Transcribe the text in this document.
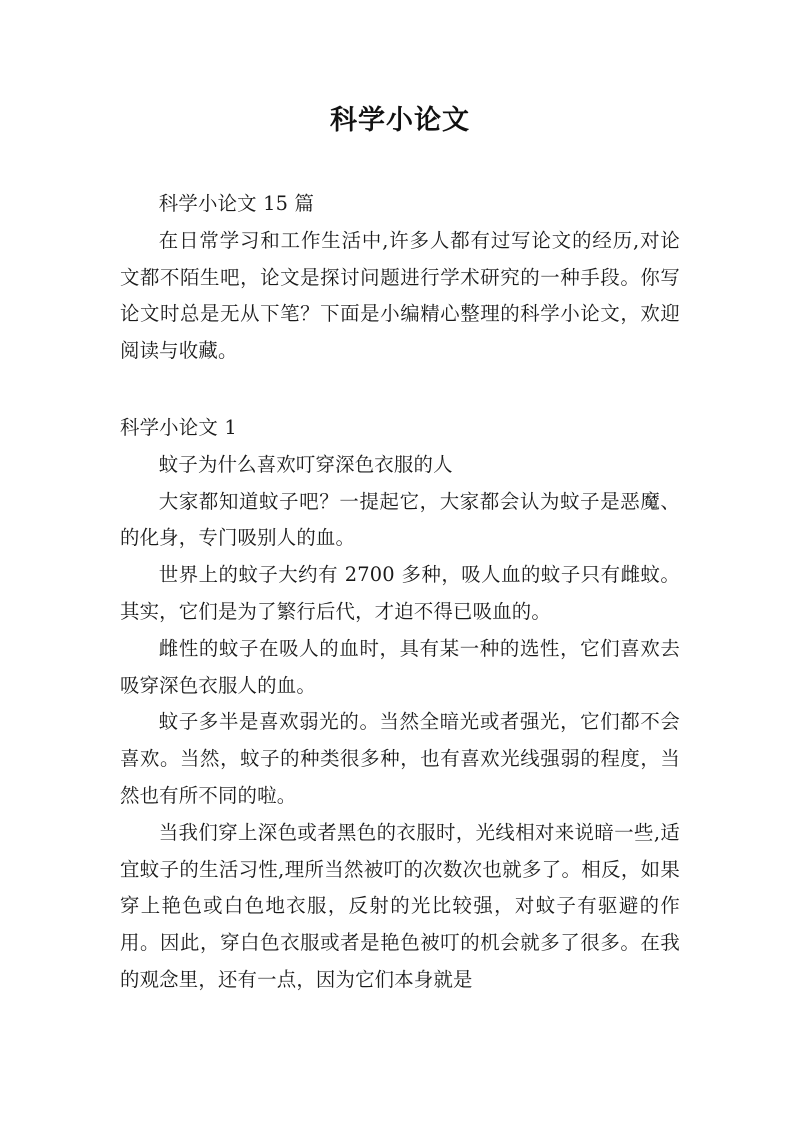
科学小论文

科学小论文 15 篇

在日常学习和工作生活中,许多人都有过写论文的经历,对论文都不陌生吧，论文是探讨问题进行学术研究的一种手段。你写论文时总是无从下笔？下面是小编精心整理的科学小论文，欢迎阅读与收藏。

科学小论文 1

蚊子为什么喜欢叮穿深色衣服的人

大家都知道蚊子吧？一提起它，大家都会认为蚊子是恶魔、的化身，专门吸别人的血。

世界上的蚊子大约有 2700 多种，吸人血的蚊子只有雌蚊。其实，它们是为了繁行后代，才迫不得已吸血的。

雌性的蚊子在吸人的血时，具有某一种的选性，它们喜欢去吸穿深色衣服人的血。

蚊子多半是喜欢弱光的。当然全暗光或者强光，它们都不会喜欢。当然，蚊子的种类很多种，也有喜欢光线强弱的程度，当然也有所不同的啦。

当我们穿上深色或者黑色的衣服时，光线相对来说暗一些,适宜蚊子的生活习性,理所当然被叮的次数次也就多了。相反，如果穿上艳色或白色地衣服，反射的光比较强，对蚊子有驱避的作用。因此，穿白色衣服或者是艳色被叮的机会就多了很多。在我的观念里，还有一点，因为它们本身就是
